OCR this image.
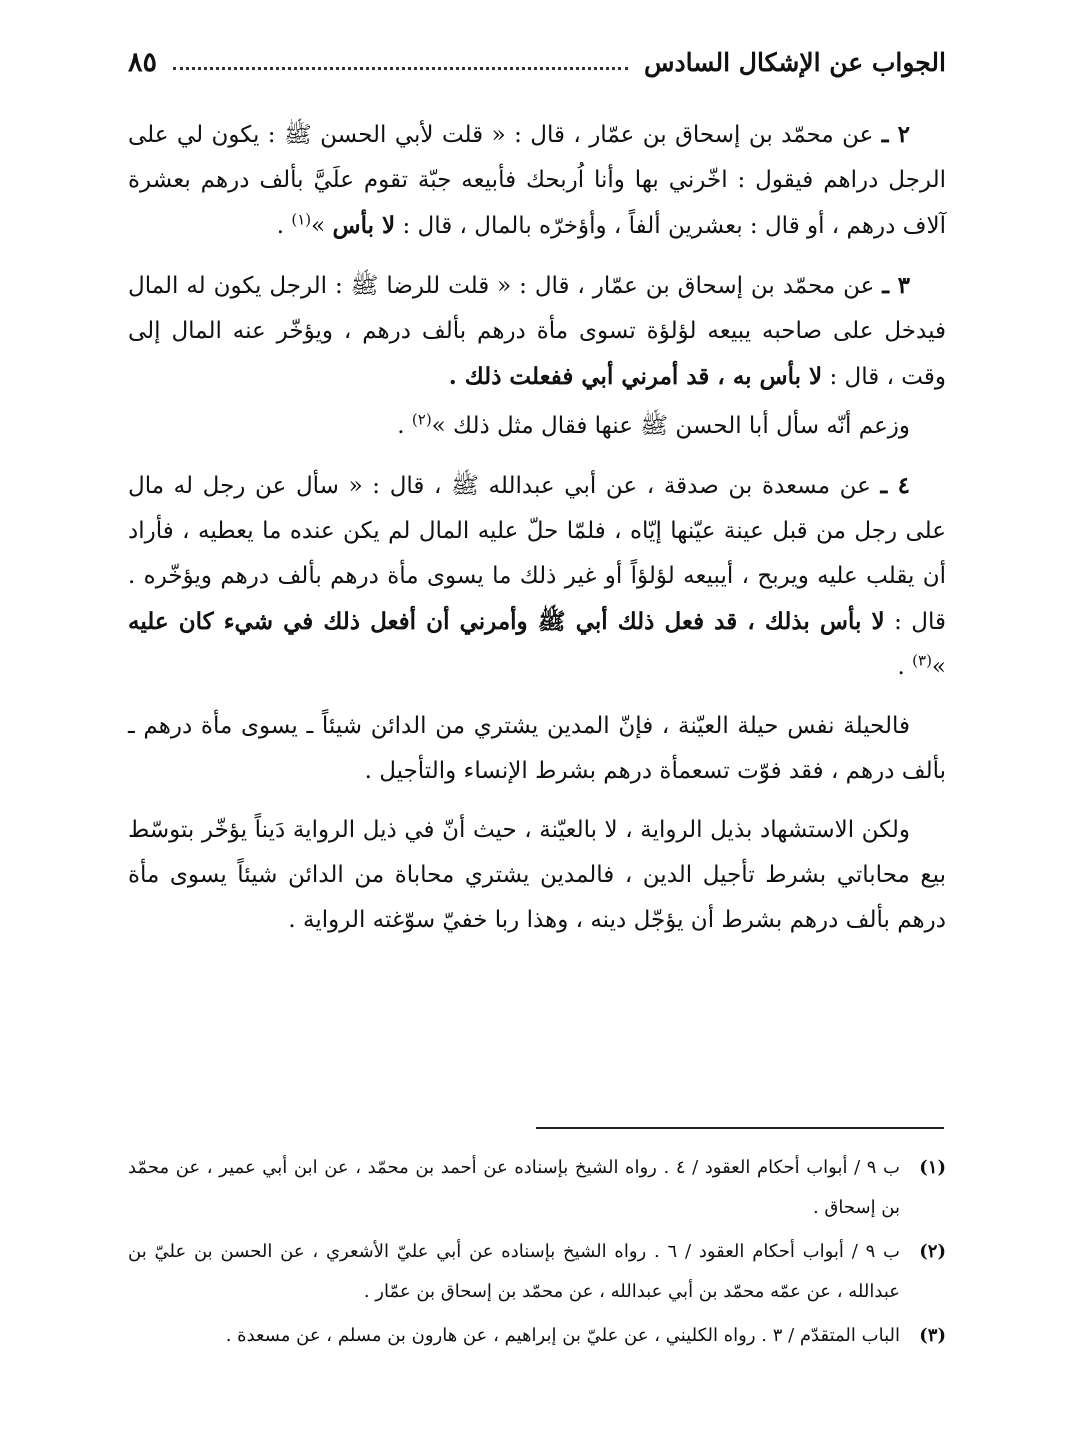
الجواب عن الإشكال السادس
٨٥

٢ ـ عن محمّد بن إسحاق بن عمّار ، قال : « قلت لأبي الحسن ﷺ : يكون لي على الرجل دراهم فيقول : اخّرني بها وأنا اُربحك فأبيعه جبّة تقوم علَيَّ بألف درهم بعشرة آلاف درهم ، أو قال : بعشرين ألفاً ، وأؤخرّه بالمال ، قال : لا بأس »$^{(١)}$ .

٣ ـ عن محمّد بن إسحاق بن عمّار ، قال : « قلت للرضا ﷺ : الرجل يكون له المال فيدخل على صاحبه يبيعه لؤلؤة تسوى مأة درهم بألف درهم ، ويؤخّر عنه المال إلى وقت ، قال : لا بأس به ، قد أمرني أبي ففعلت ذلك .

وزعم أنّه سأل أبا الحسن ﷺ عنها فقال مثل ذلك »$^{(٢)}$ .

٤ ـ عن مسعدة بن صدقة ، عن أبي عبدالله ﷺ ، قال : « سأل عن رجل له مال على رجل من قبل عينة عيّنها إيّاه ، فلمّا حلّ عليه المال لم يكن عنده ما يعطيه ، فأراد أن يقلب عليه ويربح ، أيبيعه لؤلؤاً أو غير ذلك ما يسوى مأة درهم بألف درهم ويؤخّره . قال : لا بأس بذلك ، قد فعل ذلك أبي ﷺ وأمرني أن أفعل ذلك في شيء كان عليه »$^{(٣)}$ .

فالحيلة نفس حيلة العيّنة ، فإنّ المدين يشتري من الدائن شيئاً ـ يسوى مأة درهم ـ بألف درهم ، فقد فوّت تسعمأة درهم بشرط الإنساء والتأجيل .

ولكن الاستشهاد بذيل الرواية ، لا بالعيّنة ، حيث أنّ في ذيل الرواية دَيناً يؤخّر بتوسّط بيع محاباتي بشرط تأجيل الدين ، فالمدين يشتري محاباة من الدائن شيئاً يسوى مأة درهم بألف درهم بشرط أن يؤجّل دينه ، وهذا ربا خفيّ سوّغته الرواية .

(١)
ب ٩ / أبواب أحكام العقود / ٤ . رواه الشيخ بإسناده عن أحمد بن محمّد ، عن ابن أبي عمير ، عن محمّد بن إسحاق .
(٢)
ب ٩ / أبواب أحكام العقود / ٦ . رواه الشيخ بإسناده عن أبي عليّ الأشعري ، عن الحسن بن عليّ بن عبدالله ، عن عمّه محمّد بن أبي عبدالله ، عن محمّد بن إسحاق بن عمّار .
(٣)
الباب المتقدّم / ٣ . رواه الكليني ، عن عليّ بن إبراهيم ، عن هارون بن مسلم ، عن مسعدة .
